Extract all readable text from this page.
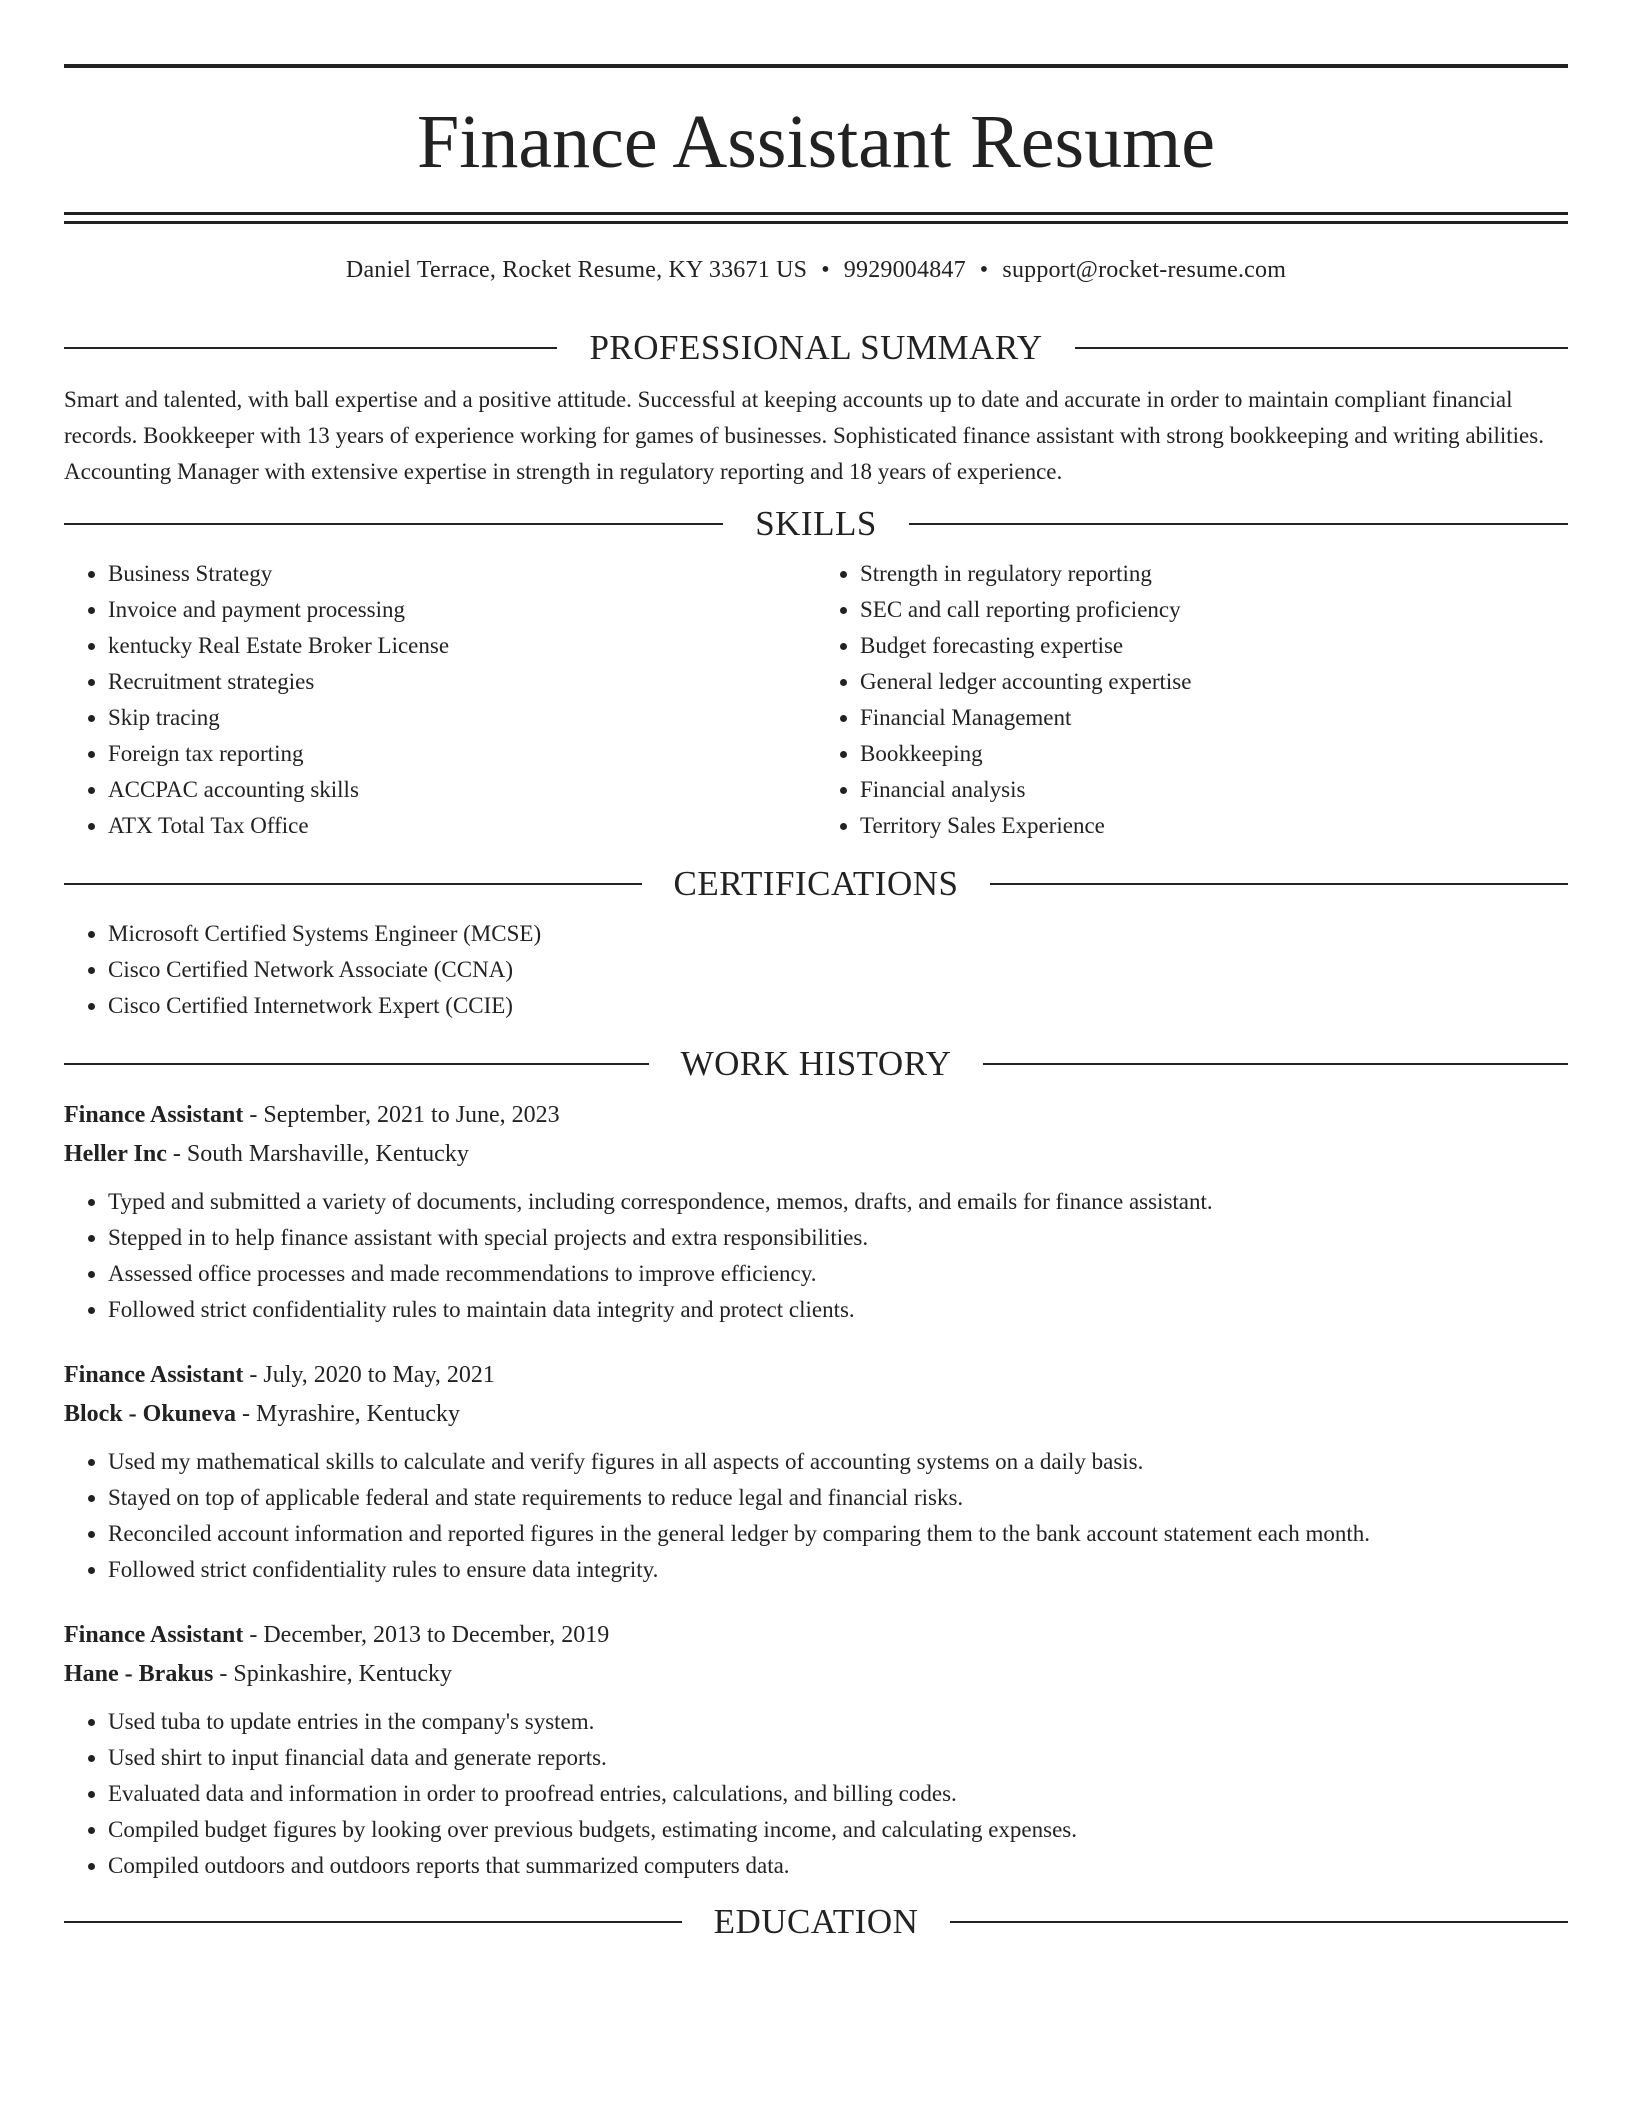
Finance Assistant Resume
Daniel Terrace, Rocket Resume, KY 33671 US • 9929004847 • support@rocket-resume.com
PROFESSIONAL SUMMARY

Smart and talented, with ball expertise and a positive attitude. Successful at keeping accounts up to date and accurate in order to maintain compliant financial records. Bookkeeper with 13 years of experience working for games of businesses. Sophisticated finance assistant with strong bookkeeping and writing abilities. Accounting Manager with extensive expertise in strength in regulatory reporting and 18 years of experience.

SKILLS
• Business Strategy
• Invoice and payment processing
• kentucky Real Estate Broker License
• Recruitment strategies
• Skip tracing
• Foreign tax reporting
• ACCPAC accounting skills
• ATX Total Tax Office
• Strength in regulatory reporting
• SEC and call reporting proficiency
• Budget forecasting expertise
• General ledger accounting expertise
• Financial Management
• Bookkeeping
• Financial analysis
• Territory Sales Experience
CERTIFICATIONS
• Microsoft Certified Systems Engineer (MCSE)
• Cisco Certified Network Associate (CCNA)
• Cisco Certified Internetwork Expert (CCIE)
WORK HISTORY
Finance Assistant - September, 2021 to June, 2023
Heller Inc - South Marshaville, Kentucky
• Typed and submitted a variety of documents, including correspondence, memos, drafts, and emails for finance assistant.
• Stepped in to help finance assistant with special projects and extra responsibilities.
• Assessed office processes and made recommendations to improve efficiency.
• Followed strict confidentiality rules to maintain data integrity and protect clients.
Finance Assistant - July, 2020 to May, 2021
Block - Okuneva - Myrashire, Kentucky
• Used my mathematical skills to calculate and verify figures in all aspects of accounting systems on a daily basis.
• Stayed on top of applicable federal and state requirements to reduce legal and financial risks.
• Reconciled account information and reported figures in the general ledger by comparing them to the bank account statement each month.
• Followed strict confidentiality rules to ensure data integrity.
Finance Assistant - December, 2013 to December, 2019
Hane - Brakus - Spinkashire, Kentucky
• Used tuba to update entries in the company's system.
• Used shirt to input financial data and generate reports.
• Evaluated data and information in order to proofread entries, calculations, and billing codes.
• Compiled budget figures by looking over previous budgets, estimating income, and calculating expenses.
• Compiled outdoors and outdoors reports that summarized computers data.
EDUCATION
